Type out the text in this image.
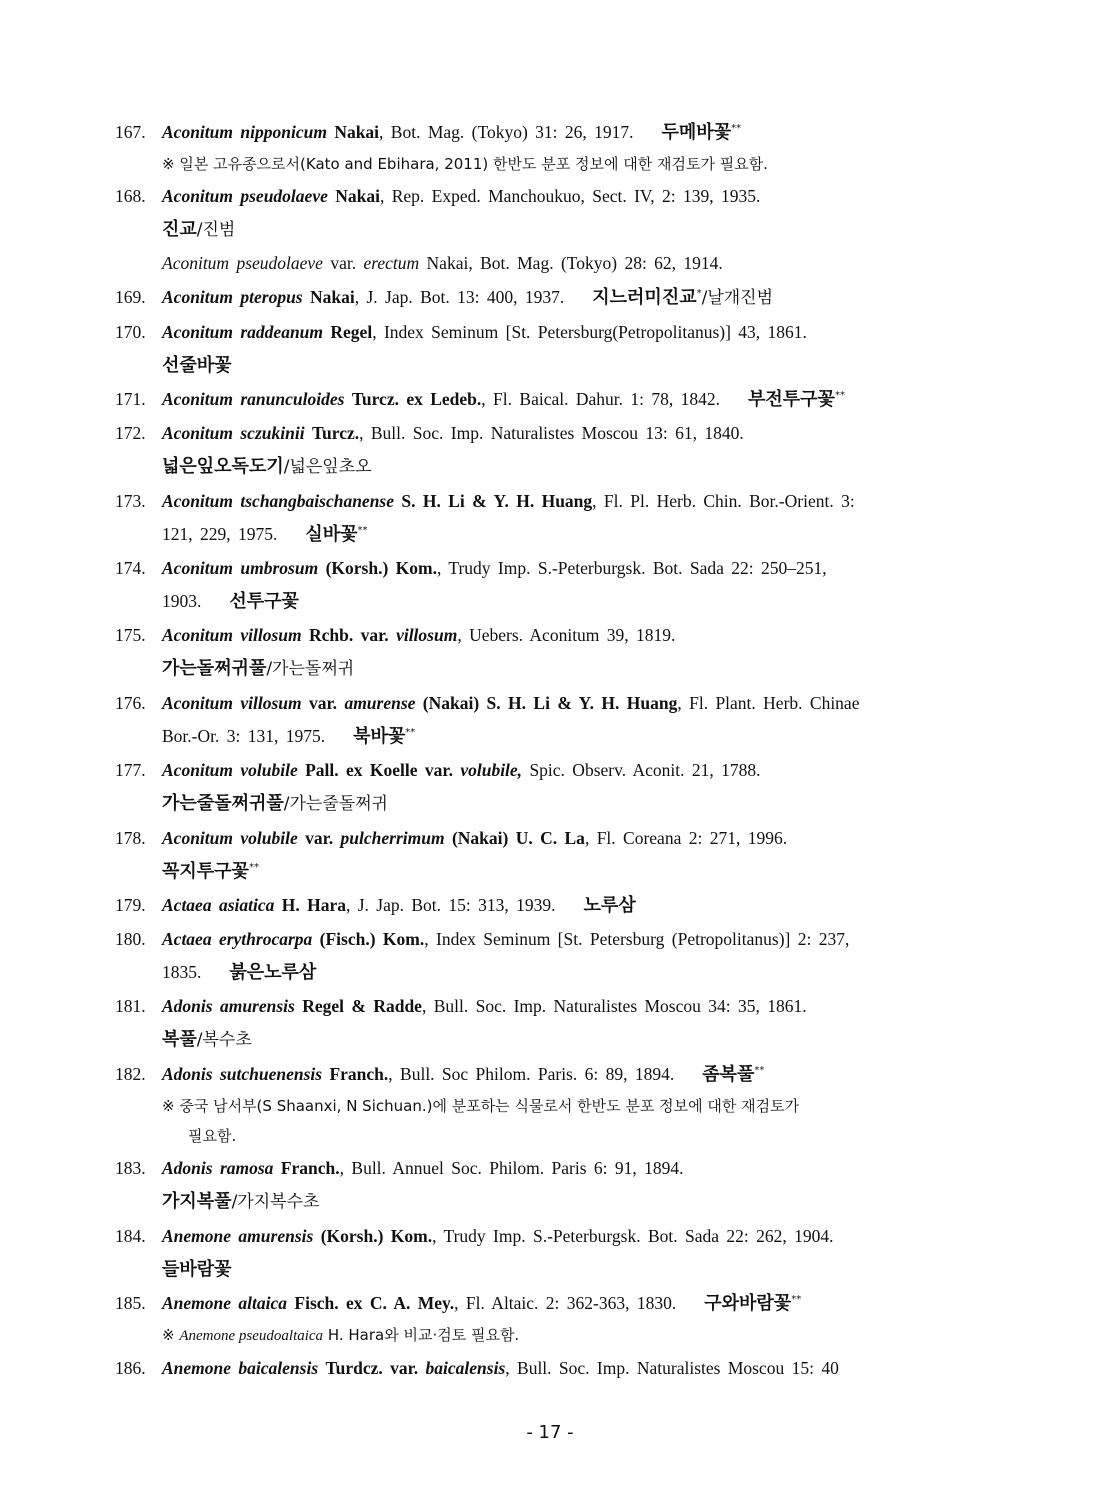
167. Aconitum nipponicum Nakai, Bot. Mag. (Tokyo) 31: 26, 1917. 두메바꽃**
※ 일본 고유종으로서(Kato and Ebihara, 2011) 한반도 분포 정보에 대한 재검토가 필요함.
168. Aconitum pseudolaeve Nakai, Rep. Exped. Manchoukuo, Sect. IV, 2: 139, 1935.
진교/진범
Aconitum pseudolaeve var. erectum Nakai, Bot. Mag. (Tokyo) 28: 62, 1914.
169. Aconitum pteropus Nakai, J. Jap. Bot. 13: 400, 1937. 지느러미진교*/날개진범
170. Aconitum raddeanum Regel, Index Seminum [St. Petersburg(Petropolitanus)] 43, 1861.
선줄바꽃
171. Aconitum ranunculoides Turcz. ex Ledeb., Fl. Baical. Dahur. 1: 78, 1842. 부전투구꽃**
172. Aconitum sczukinii Turcz., Bull. Soc. Imp. Naturalistes Moscou 13: 61, 1840.
넓은잎오독도기/넓은잎초오
173. Aconitum tschangbaischanense S. H. Li & Y. H. Huang, Fl. Pl. Herb. Chin. Bor.-Orient. 3:
121, 229, 1975. 실바꽃**
174. Aconitum umbrosum (Korsh.) Kom., Trudy Imp. S.-Peterburgsk. Bot. Sada 22: 250–251,
1903. 선투구꽃
175. Aconitum villosum Rchb. var. villosum, Uebers. Aconitum 39, 1819.
가는돌쩌귀풀/가는돌쩌귀
176. Aconitum villosum var. amurense (Nakai) S. H. Li & Y. H. Huang, Fl. Plant. Herb. Chinae
Bor.-Or. 3: 131, 1975. 북바꽃**
177. Aconitum volubile Pall. ex Koelle var. volubile, Spic. Observ. Aconit. 21, 1788.
가는줄돌쩌귀풀/가는줄돌쩌귀
178. Aconitum volubile var. pulcherrimum (Nakai) U. C. La, Fl. Coreana 2: 271, 1996.
꼭지투구꽃**
179. Actaea asiatica H. Hara, J. Jap. Bot. 15: 313, 1939. 노루삼
180. Actaea erythrocarpa (Fisch.) Kom., Index Seminum [St. Petersburg (Petropolitanus)] 2: 237,
1835. 붉은노루삼
181. Adonis amurensis Regel & Radde, Bull. Soc. Imp. Naturalistes Moscou 34: 35, 1861.
복풀/복수초
182. Adonis sutchuenensis Franch., Bull. Soc Philom. Paris. 6: 89, 1894. 좀복풀**
※ 중국 남서부(S Shaanxi, N Sichuan.)에 분포하는 식물로서 한반도 분포 정보에 대한 재검토가
필요함.
183. Adonis ramosa Franch., Bull. Annuel Soc. Philom. Paris 6: 91, 1894.
가지복풀/가지복수초
184. Anemone amurensis (Korsh.) Kom., Trudy Imp. S.-Peterburgsk. Bot. Sada 22: 262, 1904.
들바람꽃
185. Anemone altaica Fisch. ex C. A. Mey., Fl. Altaic. 2: 362-363, 1830. 구와바람꽃**
※ Anemone pseudoaltaica H. Hara와 비교·검토 필요함.
186. Anemone baicalensis Turdcz. var. baicalensis, Bull. Soc. Imp. Naturalistes Moscou 15: 40
- 17 -
